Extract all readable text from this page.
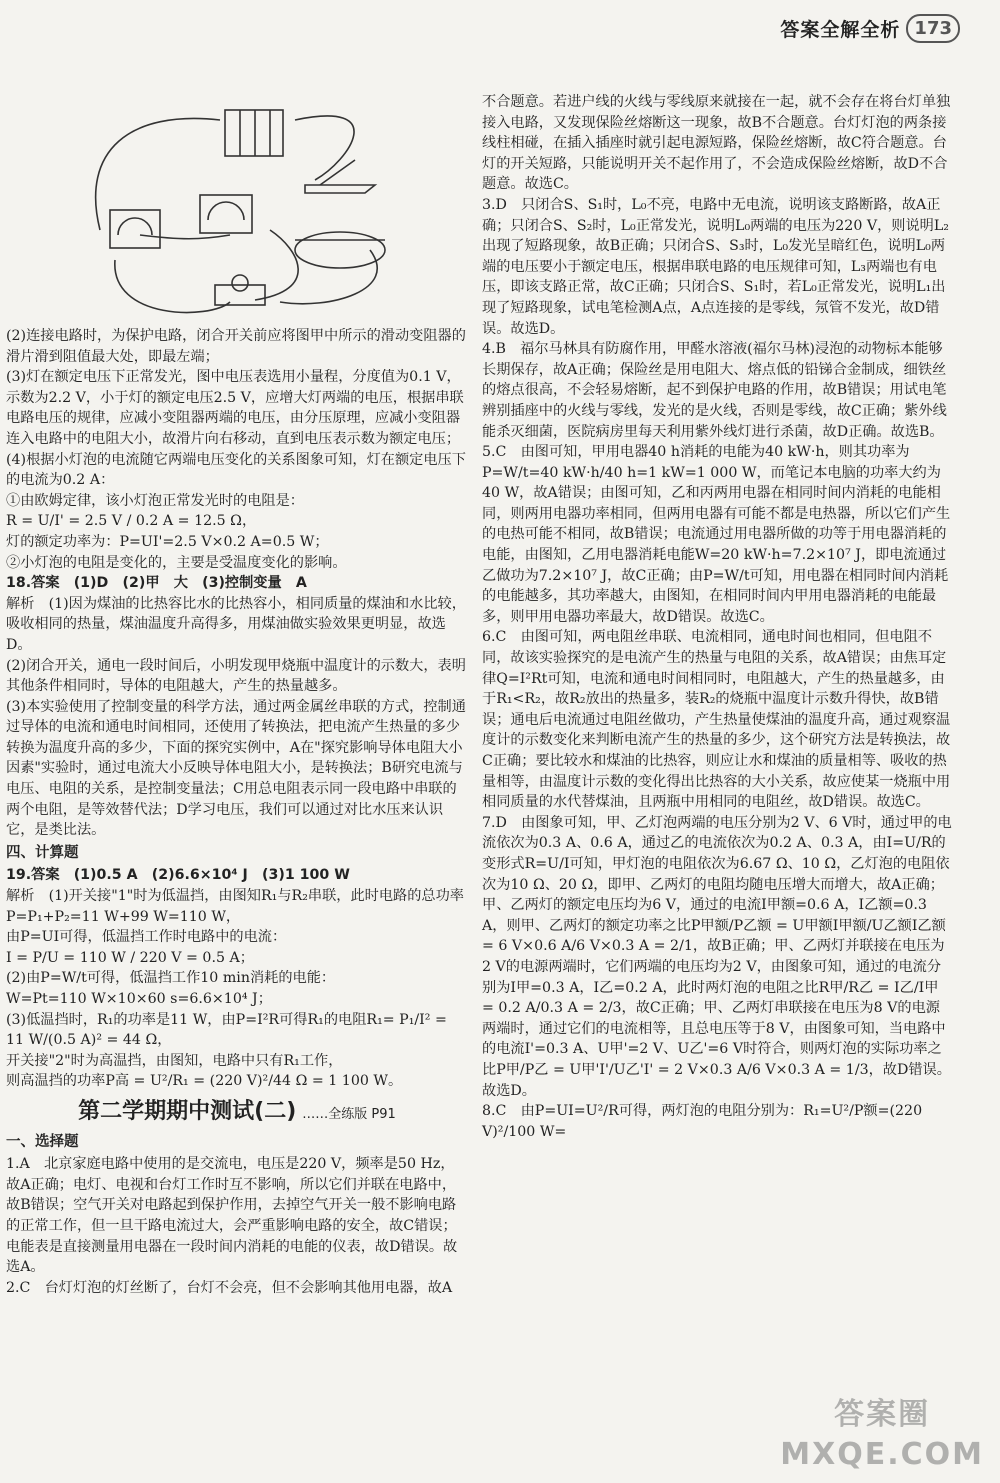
答案全解全析 173

(2)连接电路时，为保护电路，闭合开关前应将图甲中所示的滑动变阻器的滑片滑到阻值最大处，即最左端；

(3)灯在额定电压下正常发光，图中电压表选用小量程，分度值为0.1 V，示数为2.2 V，小于灯的额定电压2.5 V，应增大灯两端的电压，根据串联电路电压的规律，应减小变阻器两端的电压，由分压原理，应减小变阻器连入电路中的电阻大小，故滑片向右移动，直到电压表示数为额定电压；

(4)根据小灯泡的电流随它两端电压变化的关系图象可知，灯在额定电压下的电流为0.2 A：

①由欧姆定律，该小灯泡正常发光时的电阻是：

R = U/I' = 2.5 V / 0.2 A = 12.5 Ω，

灯的额定功率为：P=UI'=2.5 V×0.2 A=0.5 W；

②小灯泡的电阻是变化的，主要是受温度变化的影响。

18.答案　(1)D　(2)甲　大　(3)控制变量　A

解析　(1)因为煤油的比热容比水的比热容小，相同质量的煤油和水比较，吸收相同的热量，煤油温度升高得多，用煤油做实验效果更明显，故选D。

(2)闭合开关，通电一段时间后，小明发现甲烧瓶中温度计的示数大，表明其他条件相同时，导体的电阻越大，产生的热量越多。

(3)本实验使用了控制变量的科学方法，通过两金属丝串联的方式，控制通过导体的电流和通电时间相同，还使用了转换法，把电流产生热量的多少转换为温度升高的多少，下面的探究实例中，A在"探究影响导体电阻大小因素"实验时，通过电流大小反映导体电阻大小，是转换法；B研究电流与电压、电阻的关系，是控制变量法；C用总电阻表示同一段电路中串联的两个电阻，是等效替代法；D学习电压，我们可以通过对比水压来认识它，是类比法。

四、计算题

19.答案　(1)0.5 A　(2)6.6×10⁴ J　(3)1 100 W

解析　(1)开关接"1"时为低温挡，由图知R₁与R₂串联，此时电路的总功率P=P₁+P₂=11 W+99 W=110 W，

由P=UI可得，低温挡工作时电路中的电流：

I = P/U = 110 W / 220 V = 0.5 A；

(2)由P=W/t可得，低温挡工作10 min消耗的电能：

W=Pt=110 W×10×60 s=6.6×10⁴ J；

(3)低温挡时，R₁的功率是11 W，由P=I²R可得R₁的电阻R₁= P₁/I² = 11 W/(0.5 A)² = 44 Ω，

开关接"2"时为高温挡，由图知，电路中只有R₁工作，

则高温挡的功率P高 = U²/R₁ = (220 V)²/44 Ω = 1 100 W。

第二学期期中测试(二) ……全练版 P91

一、选择题

1.A　北京家庭电路中使用的是交流电，电压是220 V，频率是50 Hz，故A正确；电灯、电视和台灯工作时互不影响，所以它们并联在电路中，故B错误；空气开关对电路起到保护作用，去掉空气开关一般不影响电路的正常工作，但一旦干路电流过大，会严重影响电路的安全，故C错误；电能表是直接测量用电器在一段时间内消耗的电能的仪表，故D错误。故选A。

2.C　台灯灯泡的灯丝断了，台灯不会亮，但不会影响其他用电器，故A

不合题意。若进户线的火线与零线原来就接在一起，就不会存在将台灯单独接入电路，又发现保险丝熔断这一现象，故B不合题意。台灯灯泡的两条接线柱相碰，在插入插座时就引起电源短路，保险丝熔断，故C符合题意。台灯的开关短路，只能说明开关不起作用了，不会造成保险丝熔断，故D不合题意。故选C。

3.D　只闭合S、S₁时，L₀不亮，电路中无电流，说明该支路断路，故A正确；只闭合S、S₂时，L₀正常发光，说明L₀两端的电压为220 V，则说明L₂出现了短路现象，故B正确；只闭合S、S₃时，L₀发光呈暗红色，说明L₀两端的电压要小于额定电压，根据串联电路的电压规律可知，L₃两端也有电压，即该支路正常，故C正确；只闭合S、S₁时，若L₀正常发光，说明L₁出现了短路现象，试电笔检测A点，A点连接的是零线，氖管不发光，故D错误。故选D。

4.B　福尔马林具有防腐作用，甲醛水溶液(福尔马林)浸泡的动物标本能够长期保存，故A正确；保险丝是用电阻大、熔点低的铅锑合金制成，细铁丝的熔点很高，不会轻易熔断，起不到保护电路的作用，故B错误；用试电笔辨别插座中的火线与零线，发光的是火线，否则是零线，故C正确；紫外线能杀灭细菌，医院病房里每天利用紫外线灯进行杀菌，故D正确。故选B。

5.C　由图可知，甲用电器40 h消耗的电能为40 kW·h，则其功率为P=W/t=40 kW·h/40 h=1 kW=1 000 W，而笔记本电脑的功率大约为40 W，故A错误；由图可知，乙和丙两用电器在相同时间内消耗的电能相同，则两用电器功率相同，但两用电器有可能不都是电热器，所以它们产生的电热可能不相同，故B错误；电流通过用电器所做的功等于用电器消耗的电能，由图知，乙用电器消耗电能W=20 kW·h=7.2×10⁷ J，即电流通过乙做功为7.2×10⁷ J，故C正确；由P=W/t可知，用电器在相同时间内消耗的电能越多，其功率越大，由图知，在相同时间内甲用电器消耗的电能最多，则甲用电器功率最大，故D错误。故选C。

6.C　由图可知，两电阻丝串联、电流相同，通电时间也相同，但电阻不同，故该实验探究的是电流产生的热量与电阻的关系，故A错误；由焦耳定律Q=I²Rt可知，电流和通电时间相同时，电阻越大，产生的热量越多，由于R₁<R₂，故R₂放出的热量多，装R₂的烧瓶中温度计示数升得快，故B错误；通电后电流通过电阻丝做功，产生热量使煤油的温度升高，通过观察温度计的示数变化来判断电流产生的热量的多少，这个研究方法是转换法，故C正确；要比较水和煤油的比热容，则应让水和煤油的质量相等、吸收的热量相等，由温度计示数的变化得出比热容的大小关系，故应使某一烧瓶中用相同质量的水代替煤油，且两瓶中用相同的电阻丝，故D错误。故选C。

7.D　由图象可知，甲、乙灯泡两端的电压分别为2 V、6 V时，通过甲的电流依次为0.3 A、0.6 A，通过乙的电流依次为0.2 A、0.3 A，由I=U/R的变形式R=U/I可知，甲灯泡的电阻依次为6.67 Ω、10 Ω，乙灯泡的电阻依次为10 Ω、20 Ω，即甲、乙两灯的电阻均随电压增大而增大，故A正确；甲、乙两灯的额定电压均为6 V，通过的电流I甲额=0.6 A，I乙额=0.3 A，则甲、乙两灯的额定功率之比P甲额/P乙额 = U甲额I甲额/U乙额I乙额 = 6 V×0.6 A/6 V×0.3 A = 2/1，故B正确；甲、乙两灯并联接在电压为2 V的电源两端时，它们两端的电压均为2 V，由图象可知，通过的电流分别为I甲=0.3 A，I乙=0.2 A，此时两灯泡的电阻之比R甲/R乙 = I乙/I甲 = 0.2 A/0.3 A = 2/3，故C正确；甲、乙两灯串联接在电压为8 V的电源两端时，通过它们的电流相等，且总电压等于8 V，由图象可知，当电路中的电流I'=0.3 A、U甲'=2 V、U乙'=6 V时符合，则两灯泡的实际功率之比P甲/P乙 = U甲'I'/U乙'I' = 2 V×0.3 A/6 V×0.3 A = 1/3，故D错误。故选D。

8.C　由P=UI=U²/R可得，两灯泡的电阻分别为：R₁=U²/P额=(220 V)²/100 W=

答案圈
MXQE.COM
